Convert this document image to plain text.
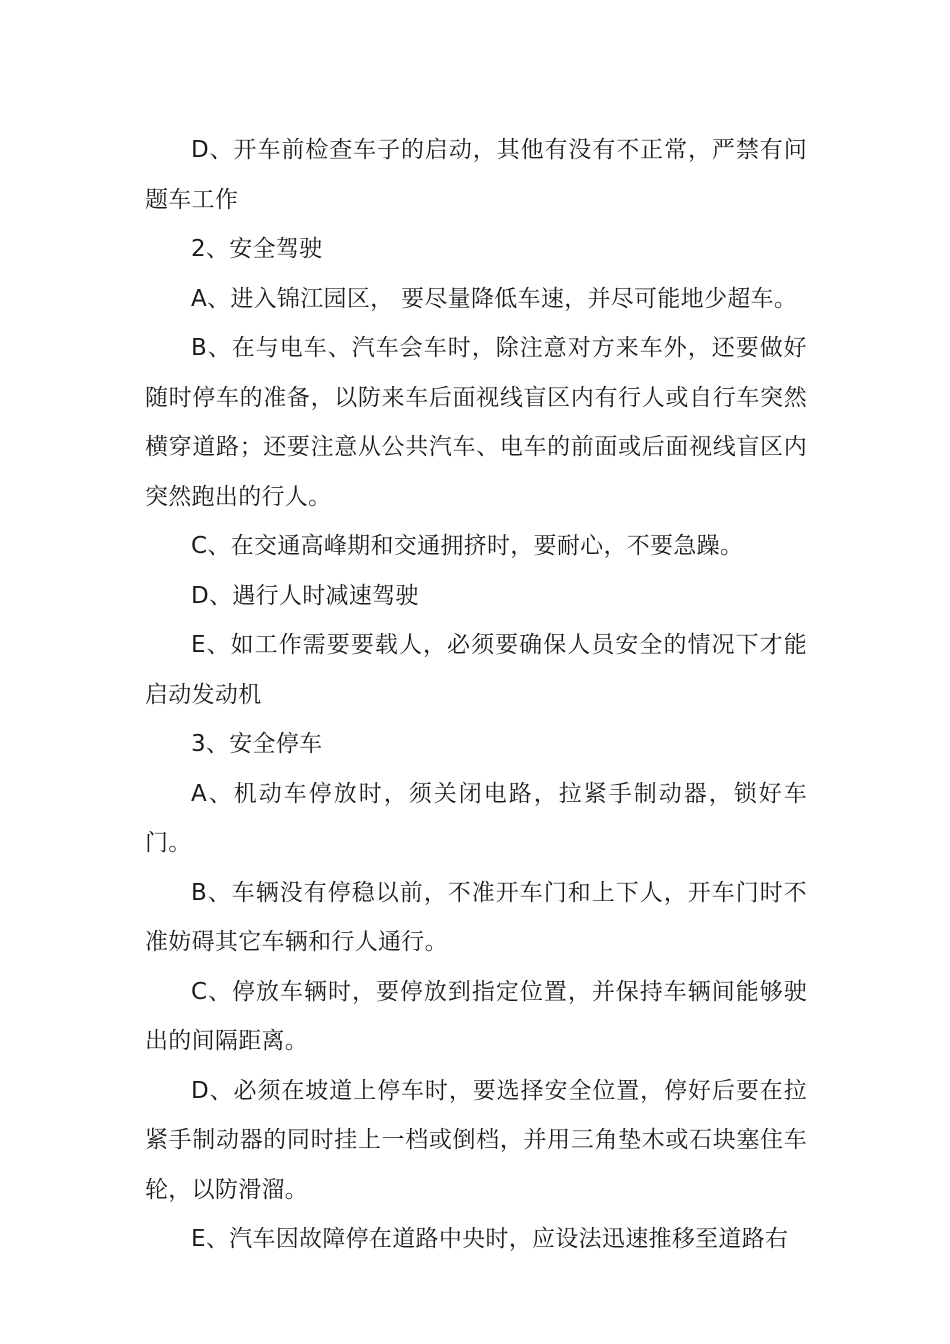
D、开车前检查车子的启动，其他有没有不正常，严禁有问题车工作

2、安全驾驶

A、进入锦江园区， 要尽量降低车速，并尽可能地少超车。

B、在与电车、汽车会车时，除注意对方来车外，还要做好随时停车的准备，以防来车后面视线盲区内有行人或自行车突然横穿道路；还要注意从公共汽车、电车的前面或后面视线盲区内突然跑出的行人。

C、在交通高峰期和交通拥挤时，要耐心，不要急躁。

D、遇行人时减速驾驶

E、如工作需要要载人，必须要确保人员安全的情况下才能启动发动机

3、安全停车

A、机动车停放时，须关闭电路，拉紧手制动器，锁好车门。

B、车辆没有停稳以前，不准开车门和上下人，开车门时不准妨碍其它车辆和行人通行。

C、停放车辆时，要停放到指定位置，并保持车辆间能够驶出的间隔距离。

D、必须在坡道上停车时，要选择安全位置，停好后要在拉紧手制动器的同时挂上一档或倒档，并用三角垫木或石块塞住车轮，以防滑溜。

E、汽车因故障停在道路中央时，应设法迅速推移至道路右
